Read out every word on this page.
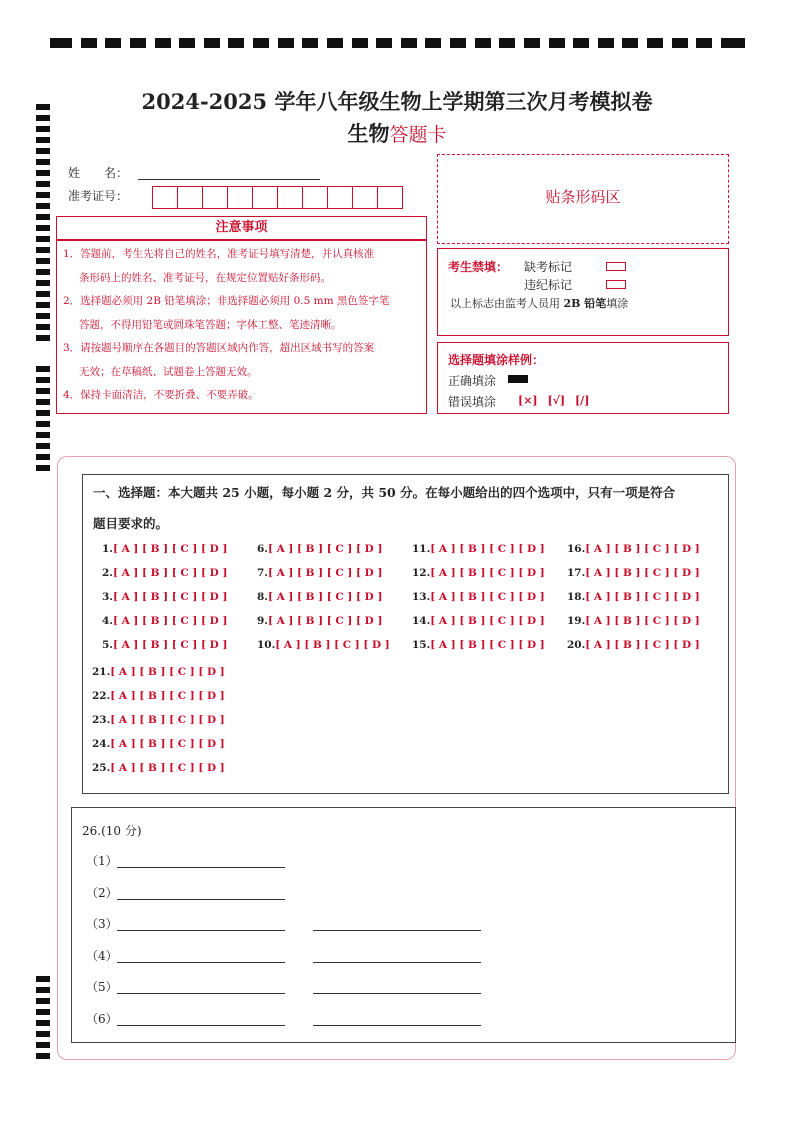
2024-2025 学年八年级生物上学期第三次月考模拟卷
生物答题卡
姓　　名：
准考证号：	贴条形码区
注意事项

1．答题前，考生先将自己的姓名，准考证号填写清楚，并认真核准
条形码上的姓名、准考证号，在规定位置贴好条形码。

2．选择题必须用 2B 铅笔填涂；非选择题必须用 0.5 mm 黑色签字笔
答题，不得用铅笔或圆珠笔答题；字体工整、笔迹清晰。

3．请按题号顺序在各题目的答题区域内作答，超出区域书写的答案
无效；在草稿纸、试题卷上答题无效。

4．保持卡面清洁，不要折叠、不要弄破。

考生禁填： 缺考标记
违纪标记
以上标志由监考人员用 2B 铅笔填涂
选择题填涂样例：
正确填涂
错误填涂 [×] [√] [/]
一、选择题：本大题共 25 小题，每小题 2 分，共 50 分。在每小题给出的四个选项中，只有一项是符合
题目要求的。
1.[ A ] [ B ] [ C ] [ D ]
2.[ A ] [ B ] [ C ] [ D ]
3.[ A ] [ B ] [ C ] [ D ]
4.[ A ] [ B ] [ C ] [ D ]
5.[ A ] [ B ] [ C ] [ D ]
6.[ A ] [ B ] [ C ] [ D ]
7.[ A ] [ B ] [ C ] [ D ]
8.[ A ] [ B ] [ C ] [ D ]
9.[ A ] [ B ] [ C ] [ D ]
10.[ A ] [ B ] [ C ] [ D ]
11.[ A ] [ B ] [ C ] [ D ]
12.[ A ] [ B ] [ C ] [ D ]
13.[ A ] [ B ] [ C ] [ D ]
14.[ A ] [ B ] [ C ] [ D ]
15.[ A ] [ B ] [ C ] [ D ]
16.[ A ] [ B ] [ C ] [ D ]
17.[ A ] [ B ] [ C ] [ D ]
18.[ A ] [ B ] [ C ] [ D ]
19.[ A ] [ B ] [ C ] [ D ]
20.[ A ] [ B ] [ C ] [ D ]
21.[ A ] [ B ] [ C ] [ D ]
22.[ A ] [ B ] [ C ] [ D ]
23.[ A ] [ B ] [ C ] [ D ]
24.[ A ] [ B ] [ C ] [ D ]
25.[ A ] [ B ] [ C ] [ D ]
26.(10 分)
（1）
（2）
（3）
（4）
（5）
（6）
